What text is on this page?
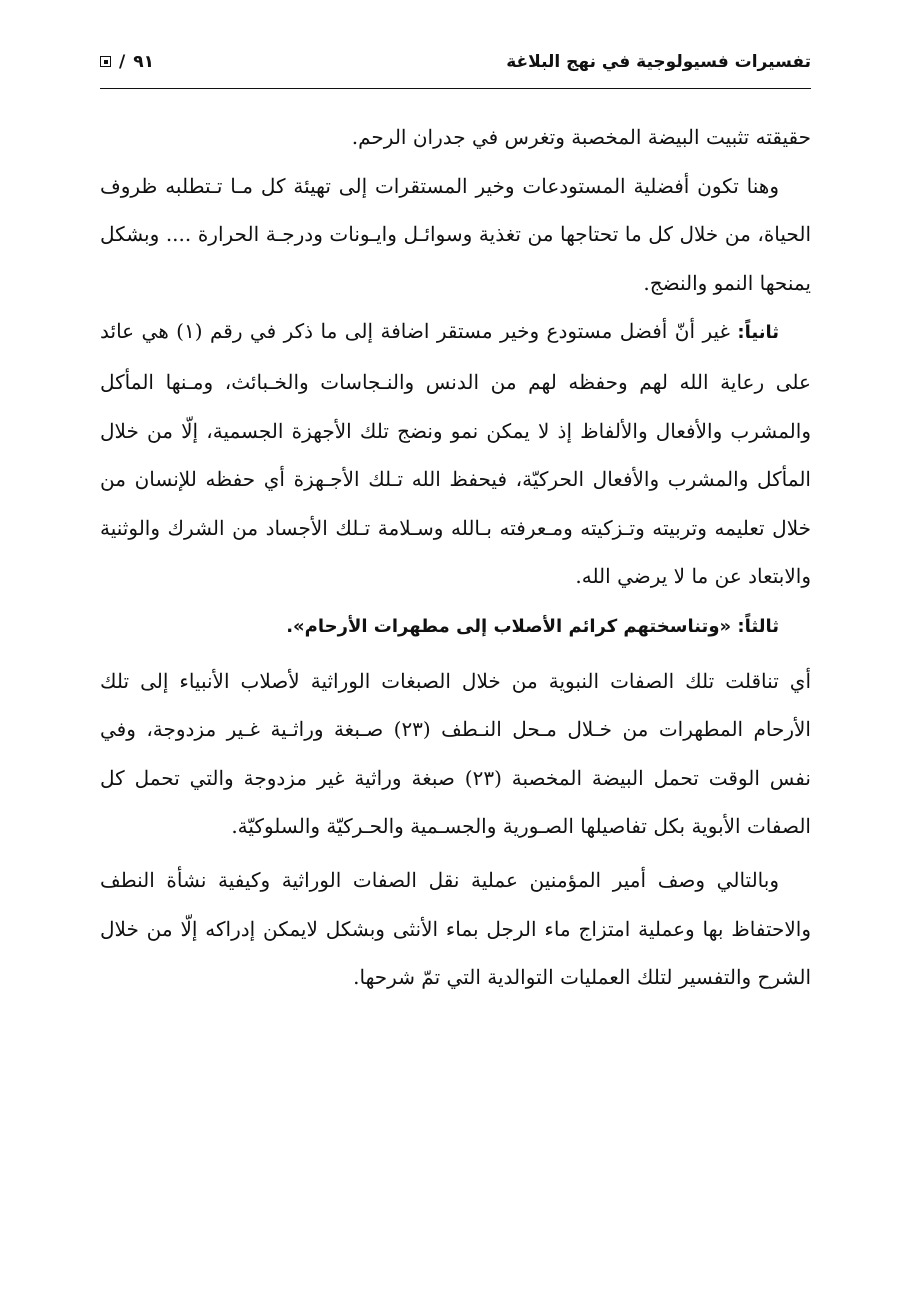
تفسيرات فسيولوجية في نهج البلاغة
/ ٩١

حقيقته تثبيت البيضة المخصبة وتغرس في جدران الرحم.

وهنا تكون أفضلية المستودعات وخير المستقرات إلى تهيئة كل مـا تـتطلبه ظروف الحياة، من خلال كل ما تحتاجها من تغذية وسوائـل وايـونات ودرجـة الحرارة .... وبشكل يمنحها النمو والنضج.

ثانياً: غير أنّ أفضل مستودع وخير مستقر اضافة إلى ما ذكر في رقم (١) هي عائد على رعاية الله لهم وحفظه لهم من الدنس والنـجاسات والخـبائث، ومـنها المأكل والمشرب والأفعال والألفاظ إذ لا يمكن نمو ونضج تلك الأجهزة الجسمية، إلّا من خلال المأكل والمشرب والأفعال الحركيّة، فيحفظ الله تـلك الأجـهزة أي حفظه للإنسان من خلال تعليمه وتربيته وتـزكيته ومـعرفته بـالله وسـلامة تـلك الأجساد من الشرك والوثنية والابتعاد عن ما لا يرضي الله.

ثالثاً: «وتناسختهم كرائم الأصلاب إلى مطهرات الأرحام».

أي تناقلت تلك الصفات النبوية من خلال الصبغات الوراثية لأصلاب الأنبياء إلى تلك الأرحام المطهرات من خـلال مـحل النـطف (٢٣) صـبغة وراثـية غـير مزدوجة، وفي نفس الوقت تحمل البيضة المخصبة (٢٣) صبغة وراثية غير مزدوجة والتي تحمل كل الصفات الأبوية بكل تفاصيلها الصـورية والجسـمية والحـركيّة والسلوكيّة.

وبالتالي وصف أمير المؤمنين عملية نقل الصفات الوراثية وكيفية نشأة النطف والاحتفاظ بها وعملية امتزاج ماء الرجل بماء الأنثى وبشكل لايمكن إدراكه إلّا من خلال الشرح والتفسير لتلك العمليات التوالدية التي تمّ شرحها.
